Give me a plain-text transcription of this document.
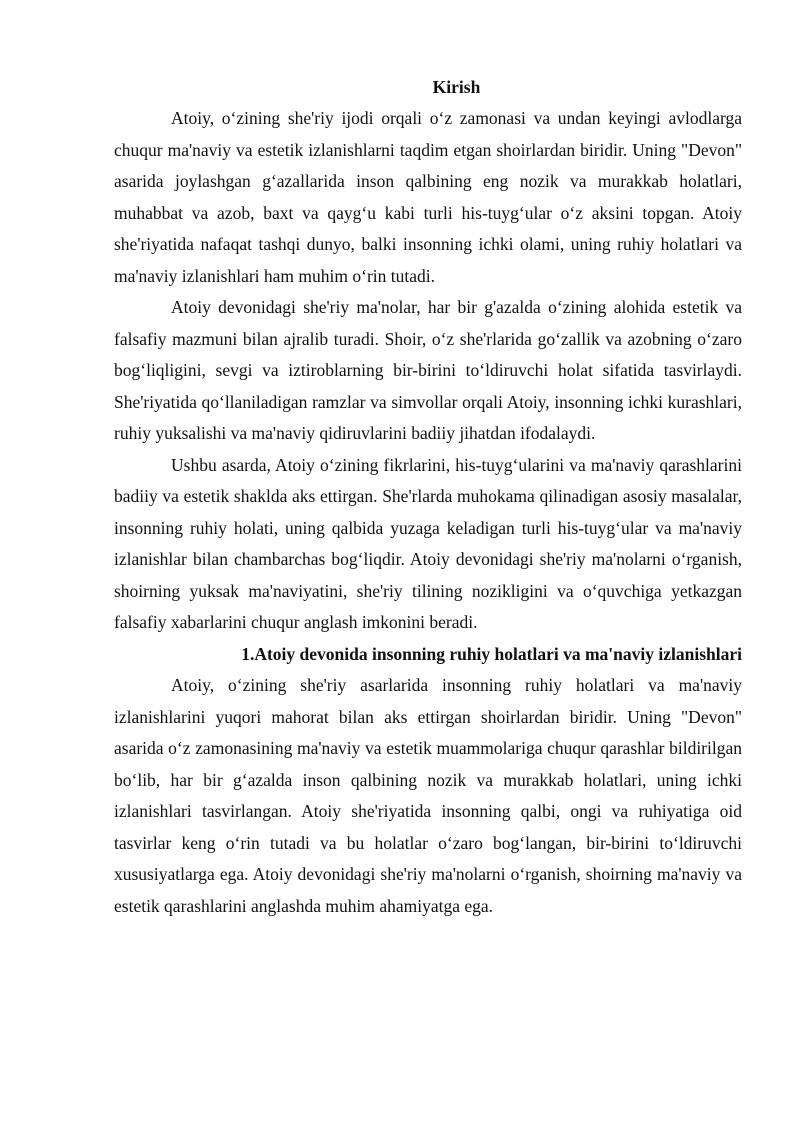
Kirish

Atoiy, oʻzining she'riy ijodi orqali oʻz zamonasi va undan keyingi avlodlarga chuqur ma'naviy va estetik izlanishlarni taqdim etgan shoirlardan biridir. Uning "Devon" asarida joylashgan gʻazallarida inson qalbining eng nozik va murakkab holatlari, muhabbat va azob, baxt va qaygʻu kabi turli his-tuygʻular oʻz aksini topgan. Atoiy she'riyatida nafaqat tashqi dunyo, balki insonning ichki olami, uning ruhiy holatlari va ma'naviy izlanishlari ham muhim oʻrin tutadi.

Atoiy devonidagi she'riy ma'nolar, har bir g'azalda oʻzining alohida estetik va falsafiy mazmuni bilan ajralib turadi. Shoir, oʻz she'rlarida goʻzallik va azobning oʻzaro bogʻliqligini, sevgi va iztiroblarning bir-birini toʻldiruvchi holat sifatida tasvirlaydi. She'riyatida qoʻllaniladigan ramzlar va simvollar orqali Atoiy, insonning ichki kurashlari, ruhiy yuksalishi va ma'naviy qidiruvlarini badiiy jihatdan ifodalaydi.

Ushbu asarda, Atoiy oʻzining fikrlarini, his-tuygʻularini va ma'naviy qarashlarini badiiy va estetik shaklda aks ettirgan. She'rlarda muhokama qilinadigan asosiy masalalar, insonning ruhiy holati, uning qalbida yuzaga keladigan turli his-tuygʻular va ma'naviy izlanishlar bilan chambarchas bogʻliqdir. Atoiy devonidagi she'riy ma'nolarni oʻrganish, shoirning yuksak ma'naviyatini, she'riy tilining nozikligini va oʻquvchiga yetkazgan falsafiy xabarlarini chuqur anglash imkonini beradi.

1.Atoiy devonida insonning ruhiy holatlari va ma'naviy izlanishlari

Atoiy, oʻzining she'riy asarlarida insonning ruhiy holatlari va ma'naviy izlanishlarini yuqori mahorat bilan aks ettirgan shoirlardan biridir. Uning "Devon" asarida oʻz zamonasining ma'naviy va estetik muammolariga chuqur qarashlar bildirilgan boʻlib, har bir gʻazalda inson qalbining nozik va murakkab holatlari, uning ichki izlanishlari tasvirlangan. Atoiy she'riyatida insonning qalbi, ongi va ruhiyatiga oid tasvirlar keng oʻrin tutadi va bu holatlar oʻzaro bogʻlangan, bir-birini toʻldiruvchi xususiyatlarga ega. Atoiy devonidagi she'riy ma'nolarni oʻrganish, shoirning ma'naviy va estetik qarashlarini anglashda muhim ahamiyatga ega.
